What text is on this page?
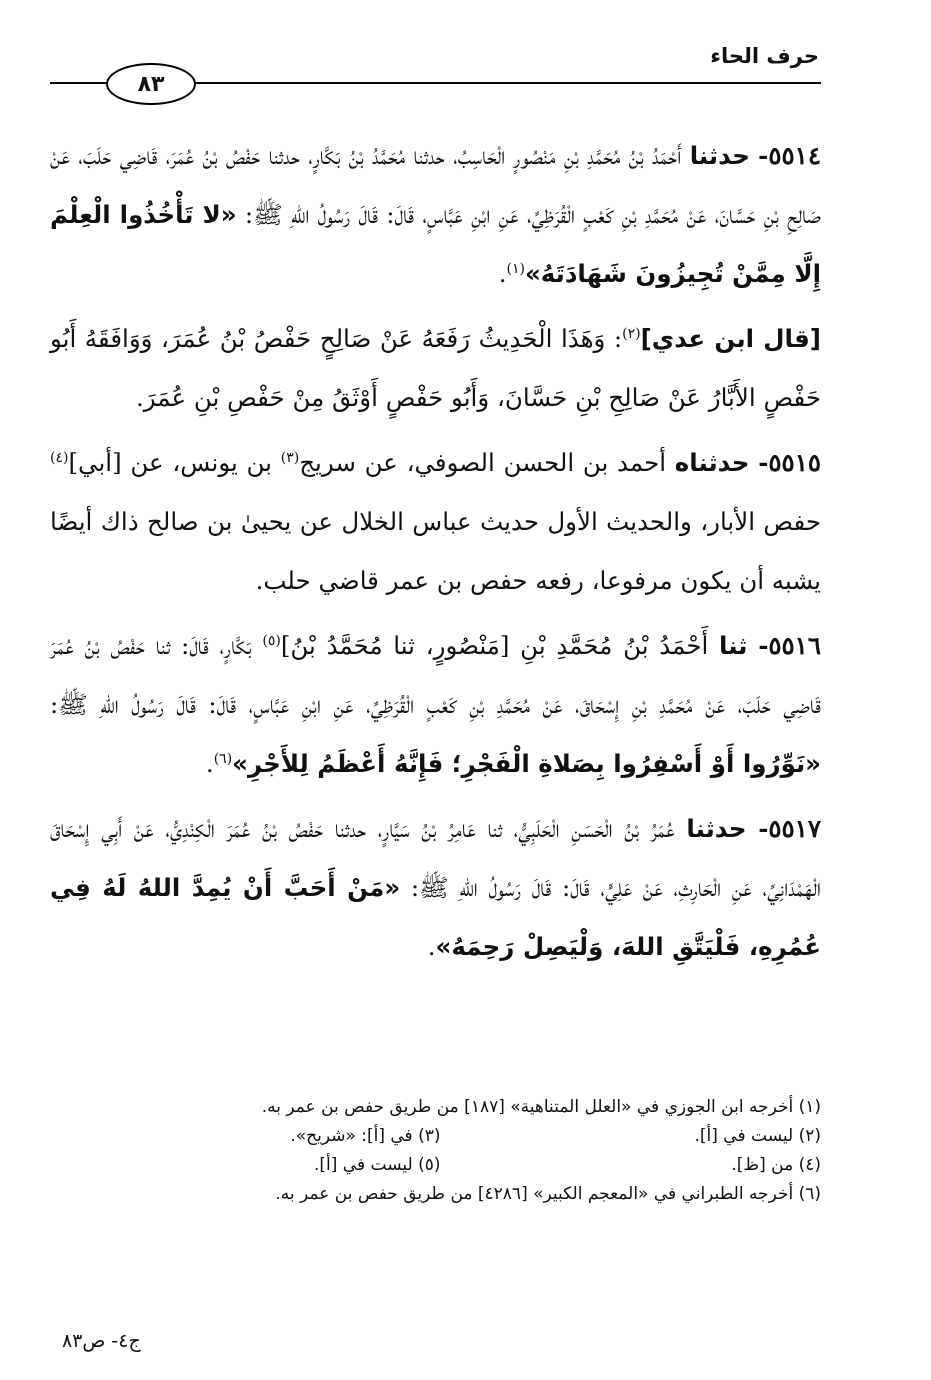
حرف الحاء
٨٣

٥٥١٤- حدثنا أَحْمَدُ بْنُ مُحَمَّدِ بْنِ مَنْصُورٍ الْحَاسِبُ، حدثنا مُحَمَّدُ بْنُ بَكَّارٍ، حدثنا حَفْصُ بْنُ عُمَرَ، قَاضِي حَلَبَ، عَنْ صَالِحِ بْنِ حَسَّانَ، عَنْ مُحَمَّدِ بْنِ كَعْبٍ الْقُرَظِيِّ، عَنِ ابْنِ عَبَّاسٍ، قَالَ: قَالَ رَسُولُ اللهِ ﷺ: «لا تَأْخُذُوا الْعِلْمَ إِلَّا مِمَّنْ تُجِيزُونَ شَهَادَتَهُ»$^{(١)}$.

[قال ابن عدي]$^{(٢)}$: وَهَذَا الْحَدِيثُ رَفَعَهُ عَنْ صَالِحٍ حَفْصُ بْنُ عُمَرَ، وَوَافَقَهُ أَبُو حَفْصٍ الأَبَّارُ عَنْ صَالِحِ بْنِ حَسَّانَ، وَأَبُو حَفْصٍ أَوْثَقُ مِنْ حَفْصِ بْنِ عُمَرَ.

٥٥١٥- حدثناه أحمد بن الحسن الصوفي، عن سريج$^{(٣)}$ بن يونس، عن [أبي]$^{(٤)}$ حفص الأبار، والحديث الأول حديث عباس الخلال عن يحيىٰ بن صالح ذاك أيضًا يشبه أن يكون مرفوعا، رفعه حفص بن عمر قاضي حلب.

٥٥١٦- ثنا أَحْمَدُ بْنُ مُحَمَّدِ بْنِ [مَنْصُورٍ، ثنا مُحَمَّدُ بْنُ]$^{(٥)}$ بَكَّارٍ، قَالَ: ثنا حَفْصُ بْنُ عُمَرَ قَاضِي حَلَبَ، عَنْ مُحَمَّدِ بْنِ إِسْحَاقَ، عَنْ مُحَمَّدِ بْنِ كَعْبٍ الْقُرَظِيِّ، عَنِ ابْنِ عَبَّاسٍ، قَالَ: قَالَ رَسُولُ اللهِ ﷺ: «نَوِّرُوا أَوْ أَسْفِرُوا بِصَلاةِ الْفَجْرِ؛ فَإِنَّهُ أَعْظَمُ لِلأَجْرِ»$^{(٦)}$.

٥٥١٧- حدثنا عُمَرُ بْنُ الْحَسَنِ الْحَلَبِيُّ، ثنا عَامِرُ بْنُ سَيَّارٍ، حدثنا حَفْصُ بْنُ عُمَرَ الْكِنْدِيُّ، عَنْ أَبِي إِسْحَاقَ الْهَمْدَانِيِّ، عَنِ الْحَارِثِ، عَنْ عَلِيٍّ، قَالَ: قَالَ رَسُولُ اللهِ ﷺ: «مَنْ أَحَبَّ أَنْ يُمِدَّ اللهُ لَهُ فِي عُمُرِهِ، فَلْيَتَّقِ اللهَ، وَلْيَصِلْ رَحِمَهُ».

(١) أخرجه ابن الجوزي في «العلل المتناهية» [١٨٧] من طريق حفص بن عمر به.
(٢) ليست في [أ].
(٣) في [أ]: «شريح».
(٤) من [ظ].
(٥) ليست في [أ].
(٦) أخرجه الطبراني في «المعجم الكبير» [٤٢٨٦] من طريق حفص بن عمر به.
ج٤- ص٨٣
